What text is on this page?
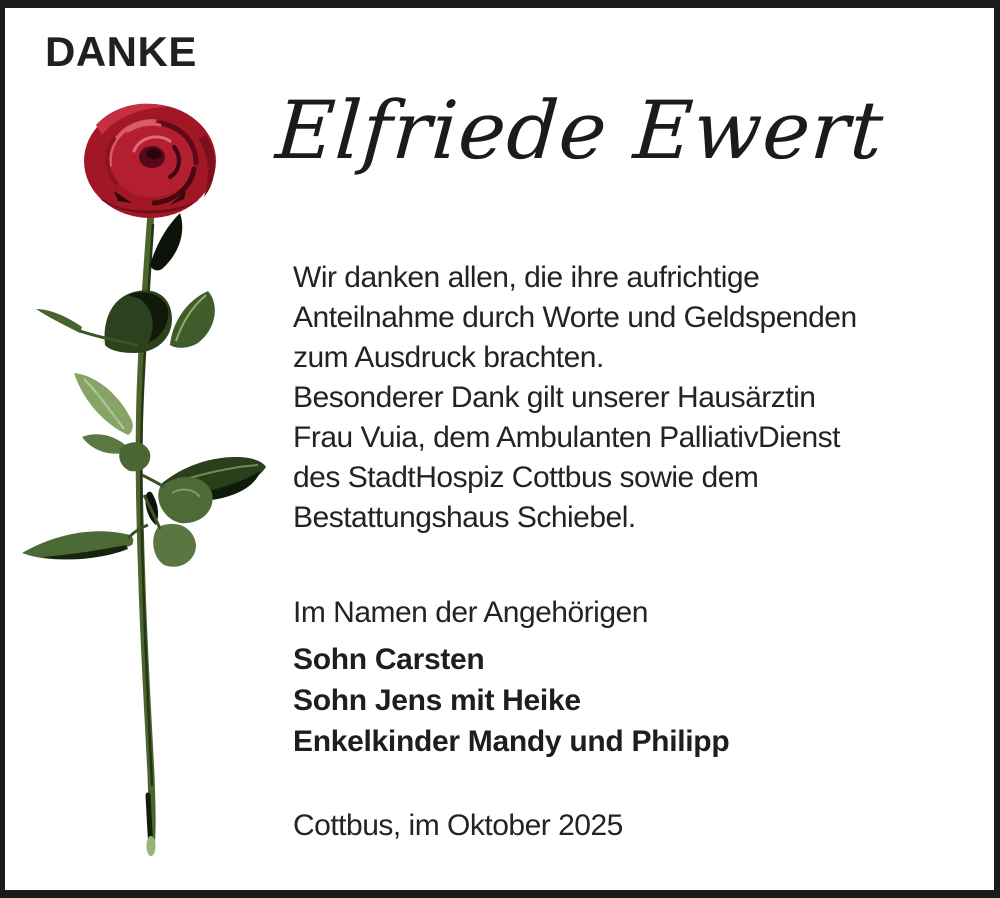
DANKE
Elfriede Ewert
Wir danken allen, die ihre aufrichtige
Anteilnahme durch Worte und Geldspenden
zum Ausdruck brachten.
Besonderer Dank gilt unserer Hausärztin
Frau Vuia, dem Ambulanten PalliativDienst
des StadtHospiz Cottbus sowie dem
Bestattungshaus Schiebel.
Im Namen der Angehörigen
Sohn Carsten
Sohn Jens mit Heike
Enkelkinder Mandy und Philipp
Cottbus, im Oktober 2025
